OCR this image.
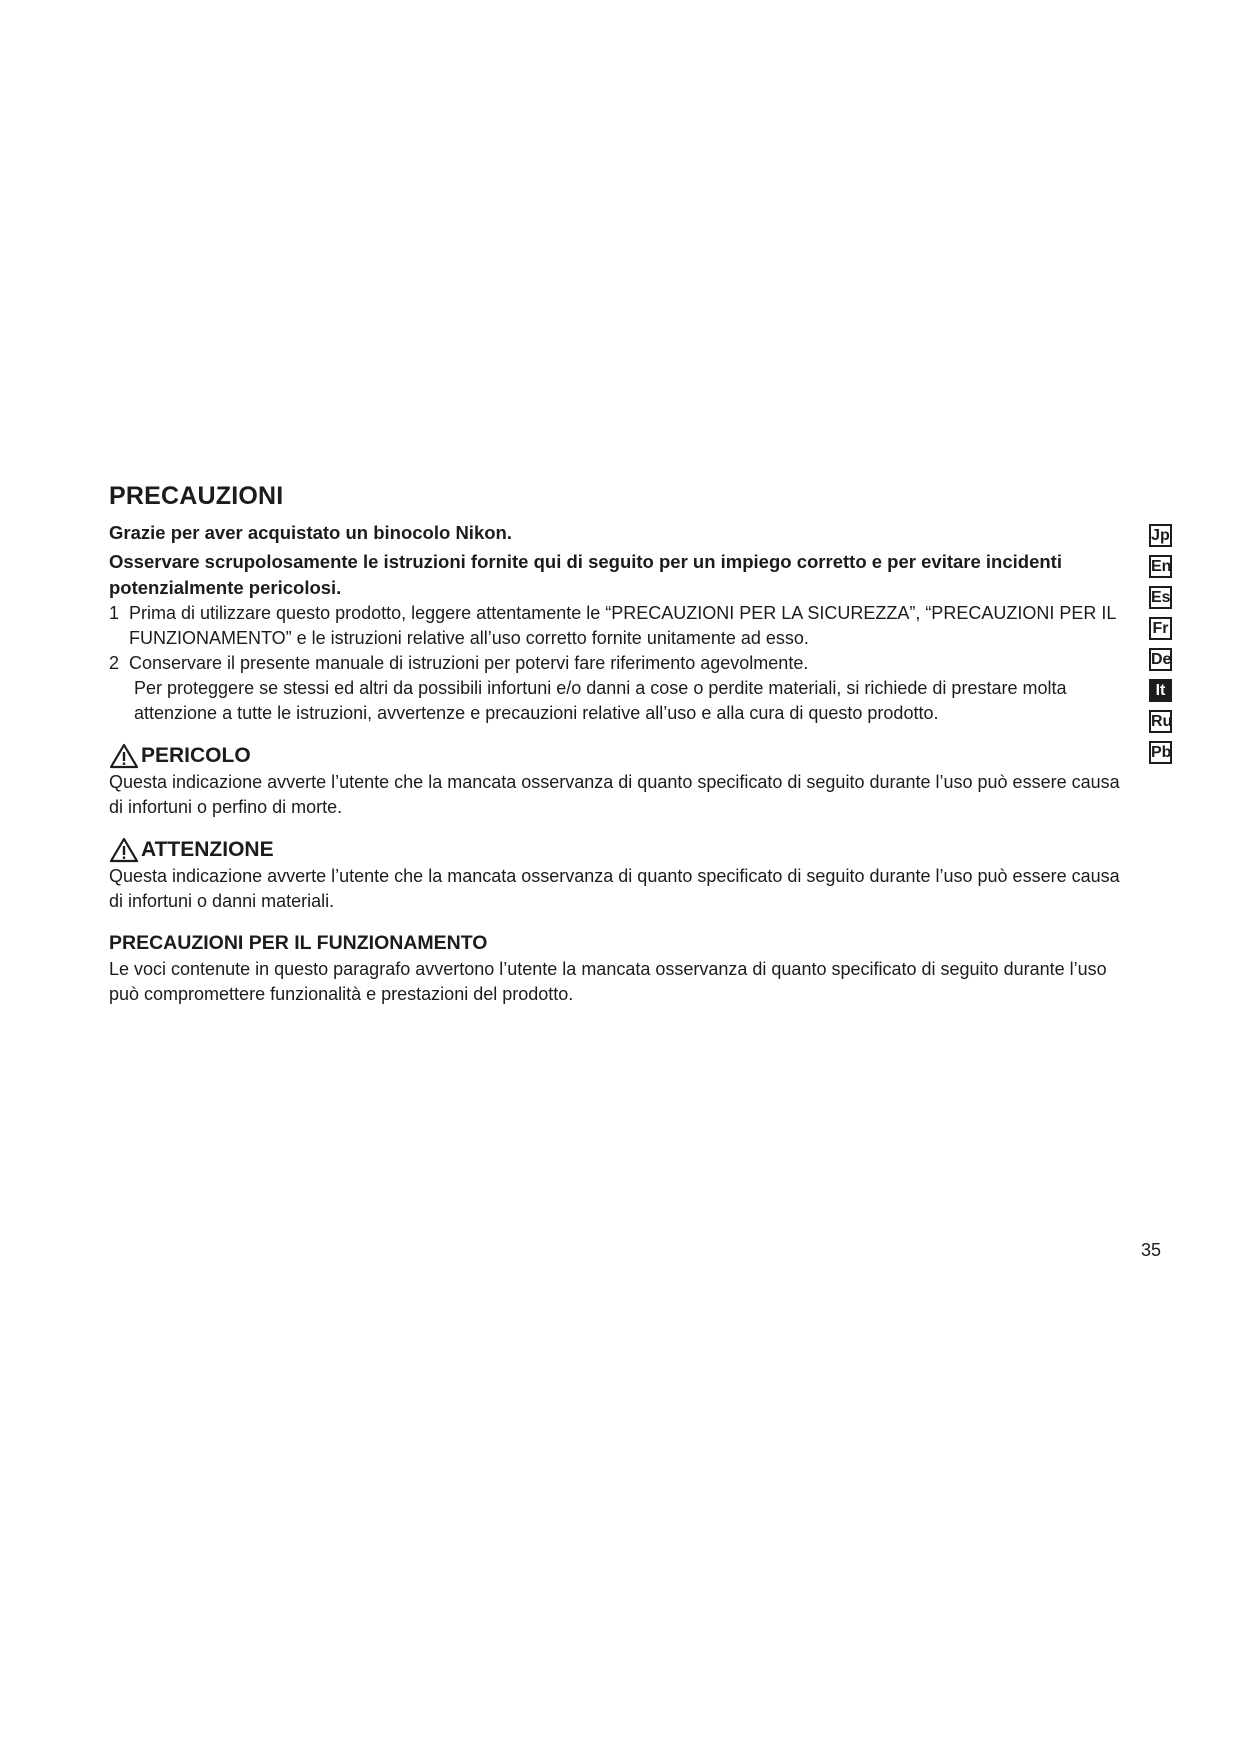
PRECAUZIONI

Grazie per aver acquistato un binocolo Nikon.

Osservare scrupolosamente le istruzioni fornite qui di seguito per un impiego corretto e per evitare incidenti potenzialmente pericolosi.

1 Prima di utilizzare questo prodotto, leggere attentamente le “PRECAUZIONI PER LA SICUREZZA”, “PRECAUZIONI PER IL FUNZIONAMENTO” e le istruzioni relative all’uso corretto fornite unitamente ad esso.

2 Conservare il presente manuale di istruzioni per potervi fare riferimento agevolmente.

Per proteggere se stessi ed altri da possibili infortuni e/o danni a cose o perdite materiali, si richiede di prestare molta attenzione a tutte le istruzioni, avvertenze e precauzioni relative all’uso e alla cura di questo prodotto.

PERICOLO

Questa indicazione avverte l’utente che la mancata osservanza di quanto specificato di seguito durante l’uso può essere causa di infortuni o perfino di morte.

ATTENZIONE

Questa indicazione avverte l’utente che la mancata osservanza di quanto specificato di seguito durante l’uso può essere causa di infortuni o danni materiali.

PRECAUZIONI PER IL FUNZIONAMENTO

Le voci contenute in questo paragrafo avvertono l’utente la mancata osservanza di quanto specificato di seguito durante l’uso può compromettere funzionalità e prestazioni del prodotto.

Jp
En
Es
Fr
De
It
Ru
Pb
35
